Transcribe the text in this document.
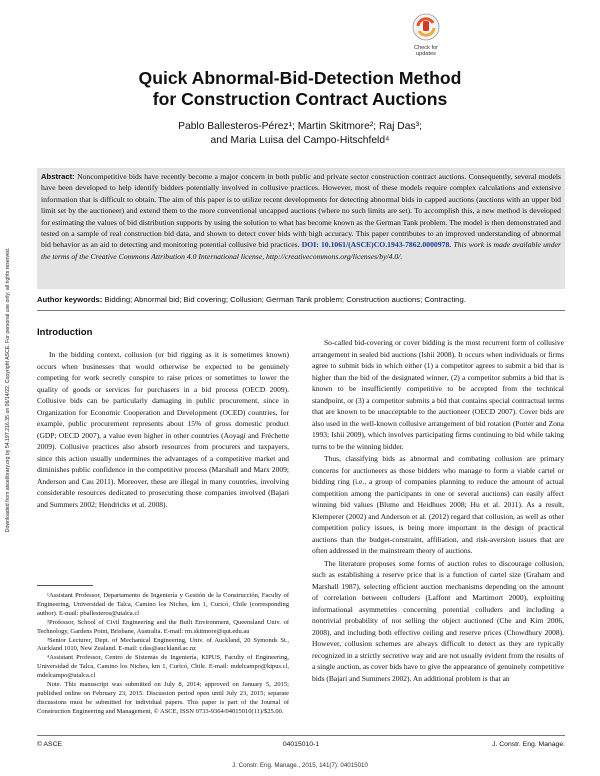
Downloaded from ascelibrary.org by 54.197.216.35 on 06/14/22. Copyright ASCE. For personal use only; all rights reserved.
Check for
updates
Quick Abnormal-Bid-Detection Method
for Construction Contract Auctions
Pablo Ballesteros-Pérez¹; Martin Skitmore²; Raj Das³;
and Maria Luisa del Campo-Hitschfeld⁴
Abstract: Noncompetitive bids have recently become a major concern in both public and private sector construction contract auctions. Consequently, several models have been developed to help identify bidders potentially involved in collusive practices. However, most of these models require complex calculations and extensive information that is difficult to obtain. The aim of this paper is to utilize recent developments for detecting abnormal bids in capped auctions (auctions with an upper bid limit set by the auctioneer) and extend them to the more conventional uncapped auctions (where no such limits are set). To accomplish this, a new method is developed for estimating the values of bid distribution supports by using the solution to what has become known as the German Tank problem. The model is then demonstrated and tested on a sample of real construction bid data, and shown to detect cover bids with high accuracy. This paper contributes to an improved understanding of abnormal bid behavior as an aid to detecting and monitoring potential collusive bid practices. DOI: 10.1061/(ASCE)CO.1943-7862.0000978. This work is made available under the terms of the Creative Commons Attribution 4.0 International license, http://creativecommons.org/licenses/by/4.0/.
Author keywords: Bidding; Abnormal bid; Bid covering; Collusion; German Tank problem; Construction auctions; Contracting.
Introduction

In the bidding context, collusion (or bid rigging as it is sometimes known) occurs when businesses that would otherwise be expected to be genuinely competing for work secretly conspire to raise prices or sometimes to lower the quality of goods or services for purchasers in a bid process (OECD 2009). Collusive bids can be particularly damaging in public procurement, since in Organization for Economic Cooperation and Development (OCED) countries, for example, public procurement represents about 15% of gross domestic product (GDP; OECD 2007), a value even higher in other countries (Aoyagi and Fréchette 2009). Collusive practices also absorb resources from procurers and taxpayers, since this action usually undermines the advantages of a competitive market and diminishes public confidence in the competitive process (Marshall and Marx 2009; Anderson and Cau 2011). Moreover, these are illegal in many countries, involving considerable resources dedicated to prosecuting those companies involved (Bajari and Summers 2002; Hendricks et al. 2008).

¹Assistant Professor, Departamento de Ingeniería y Gestión de la Construcción, Faculty of Engineering, Universidad de Talca, Camino los Niches, km 1, Curicó, Chile (corresponding author). E-mail: pballesteros@utalca.cl

²Professor, School of Civil Engineering and the Built Environment, Queensland Univ. of Technology, Gardens Point, Brisbane, Australia. E-mail: rm.skitmore@qut.edu.au

³Senior Lecturer, Dept. of Mechanical Engineering, Univ. of Auckland, 20 Symonds St., Auckland 1010, New Zealand. E-mail: r.das@auckland.ac.nz

⁴Assistant Professor, Centro de Sistemas de Ingeniería, KIPUS, Faculty of Engineering, Universidad de Talca, Camino los Niches, km 1, Curicó, Chile. E-mail: mdelcampo@kipus.cl, mdelcampo@utalca.cl

Note. This manuscript was submitted on July 8, 2014; approved on January 5, 2015; published online on February 23, 2015. Discussion period open until July 23, 2015; separate discussions must be submitted for individual papers. This paper is part of the Journal of Construction Engineering and Management, © ASCE, ISSN 0733-9364/04015010(11)/$25.00.

So-called bid-covering or cover bidding is the most recurrent form of collusive arrangement in sealed bid auctions (Ishii 2008). It occurs when individuals or firms agree to submit bids in which either (1) a competitor agrees to submit a bid that is higher than the bid of the designated winner, (2) a competitor submits a bid that is known to be insufficiently competitive to be accepted from the technical standpoint, or (3) a competitor submits a bid that contains special contractual terms that are known to be unacceptable to the auctioneer (OECD 2007). Cover bids are also used in the well-known collusive arrangement of bid rotation (Porter and Zona 1993; Ishii 2009), which involves participating firms continuing to bid while taking turns to be the winning bidder.

Thus, classifying bids as abnormal and combating collusion are primary concerns for auctioneers as those bidders who manage to form a viable cartel or bidding ring (i.e., a group of companies planning to reduce the amount of actual competition among the participants in one or several auctions) can easily affect winning bid values (Blume and Heidhues 2008; Hu et al. 2011). As a result, Klemperer (2002) and Anderson et al. (2012) regard that collusion, as well as other competition policy issues, is being more important in the design of practical auctions than the budget-constraint, affiliation, and risk-aversion issues that are often addressed in the mainstream theory of auctions.

The literature proposes some forms of auction rules to discourage collusion, such as establishing a reserve price that is a function of cartel size (Graham and Marshall 1987), selecting efficient auction mechanisms depending on the amount of correlation between colluders (Laffont and Martimort 2000), exploiting informational asymmetries concerning potential colluders and including a nontrivial probability of not selling the object auctioned (Che and Kim 2006, 2008), and including both effective ceiling and reserve prices (Chowdhury 2008). However, collusion schemes are always difficult to detect as they are typically recognized in a strictly secretive way and are not usually evident from the results of a single auction, as cover bids have to give the appearance of genuinely competitive bids (Bajari and Summers 2002). An additional problem is that an

© ASCE	04015010-1	J. Constr. Eng. Manage.
J. Constr. Eng. Manage., 2015, 141(7): 04015010
